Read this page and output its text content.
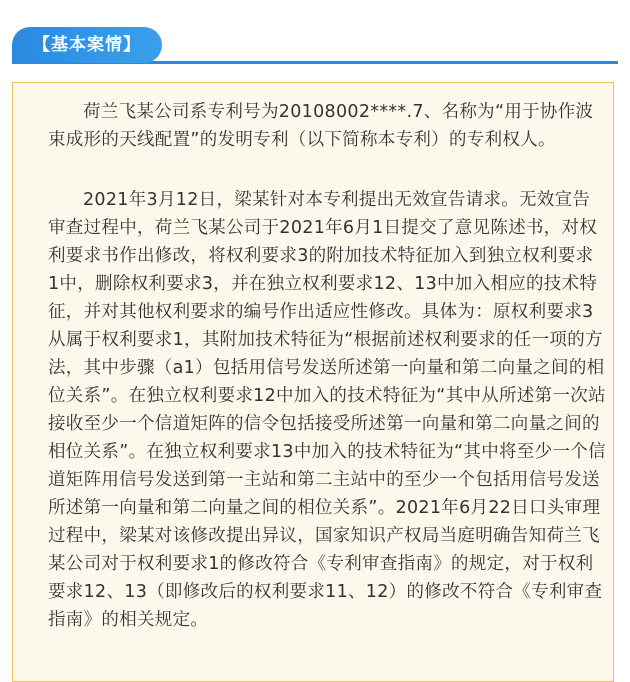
【基本案情】

荷兰飞某公司系专利号为20108002****.7、名称为“用于协作波
束成形的天线配置”的发明专利（以下简称本专利）的专利权人。

2021年3月12日，梁某针对本专利提出无效宣告请求。无效宣告
审查过程中，荷兰飞某公司于2021年6月1日提交了意见陈述书，对权
利要求书作出修改，将权利要求3的附加技术特征加入到独立权利要求
1中，删除权利要求3，并在独立权利要求12、13中加入相应的技术特
征，并对其他权利要求的编号作出适应性修改。具体为：原权利要求3
从属于权利要求1，其附加技术特征为“根据前述权利要求的任一项的方
法，其中步骤（a1）包括用信号发送所述第一向量和第二向量之间的相
位关系”。在独立权利要求12中加入的技术特征为“其中从所述第一次站
接收至少一个信道矩阵的信令包括接受所述第一向量和第二向量之间的
相位关系”。在独立权利要求13中加入的技术特征为“其中将至少一个信
道矩阵用信号发送到第一主站和第二主站中的至少一个包括用信号发送
所述第一向量和第二向量之间的相位关系”。2021年6月22日口头审理
过程中，梁某对该修改提出异议，国家知识产权局当庭明确告知荷兰飞
某公司对于权利要求1的修改符合《专利审查指南》的规定，对于权利
要求12、13（即修改后的权利要求11、12）的修改不符合《专利审查
指南》的相关规定。
